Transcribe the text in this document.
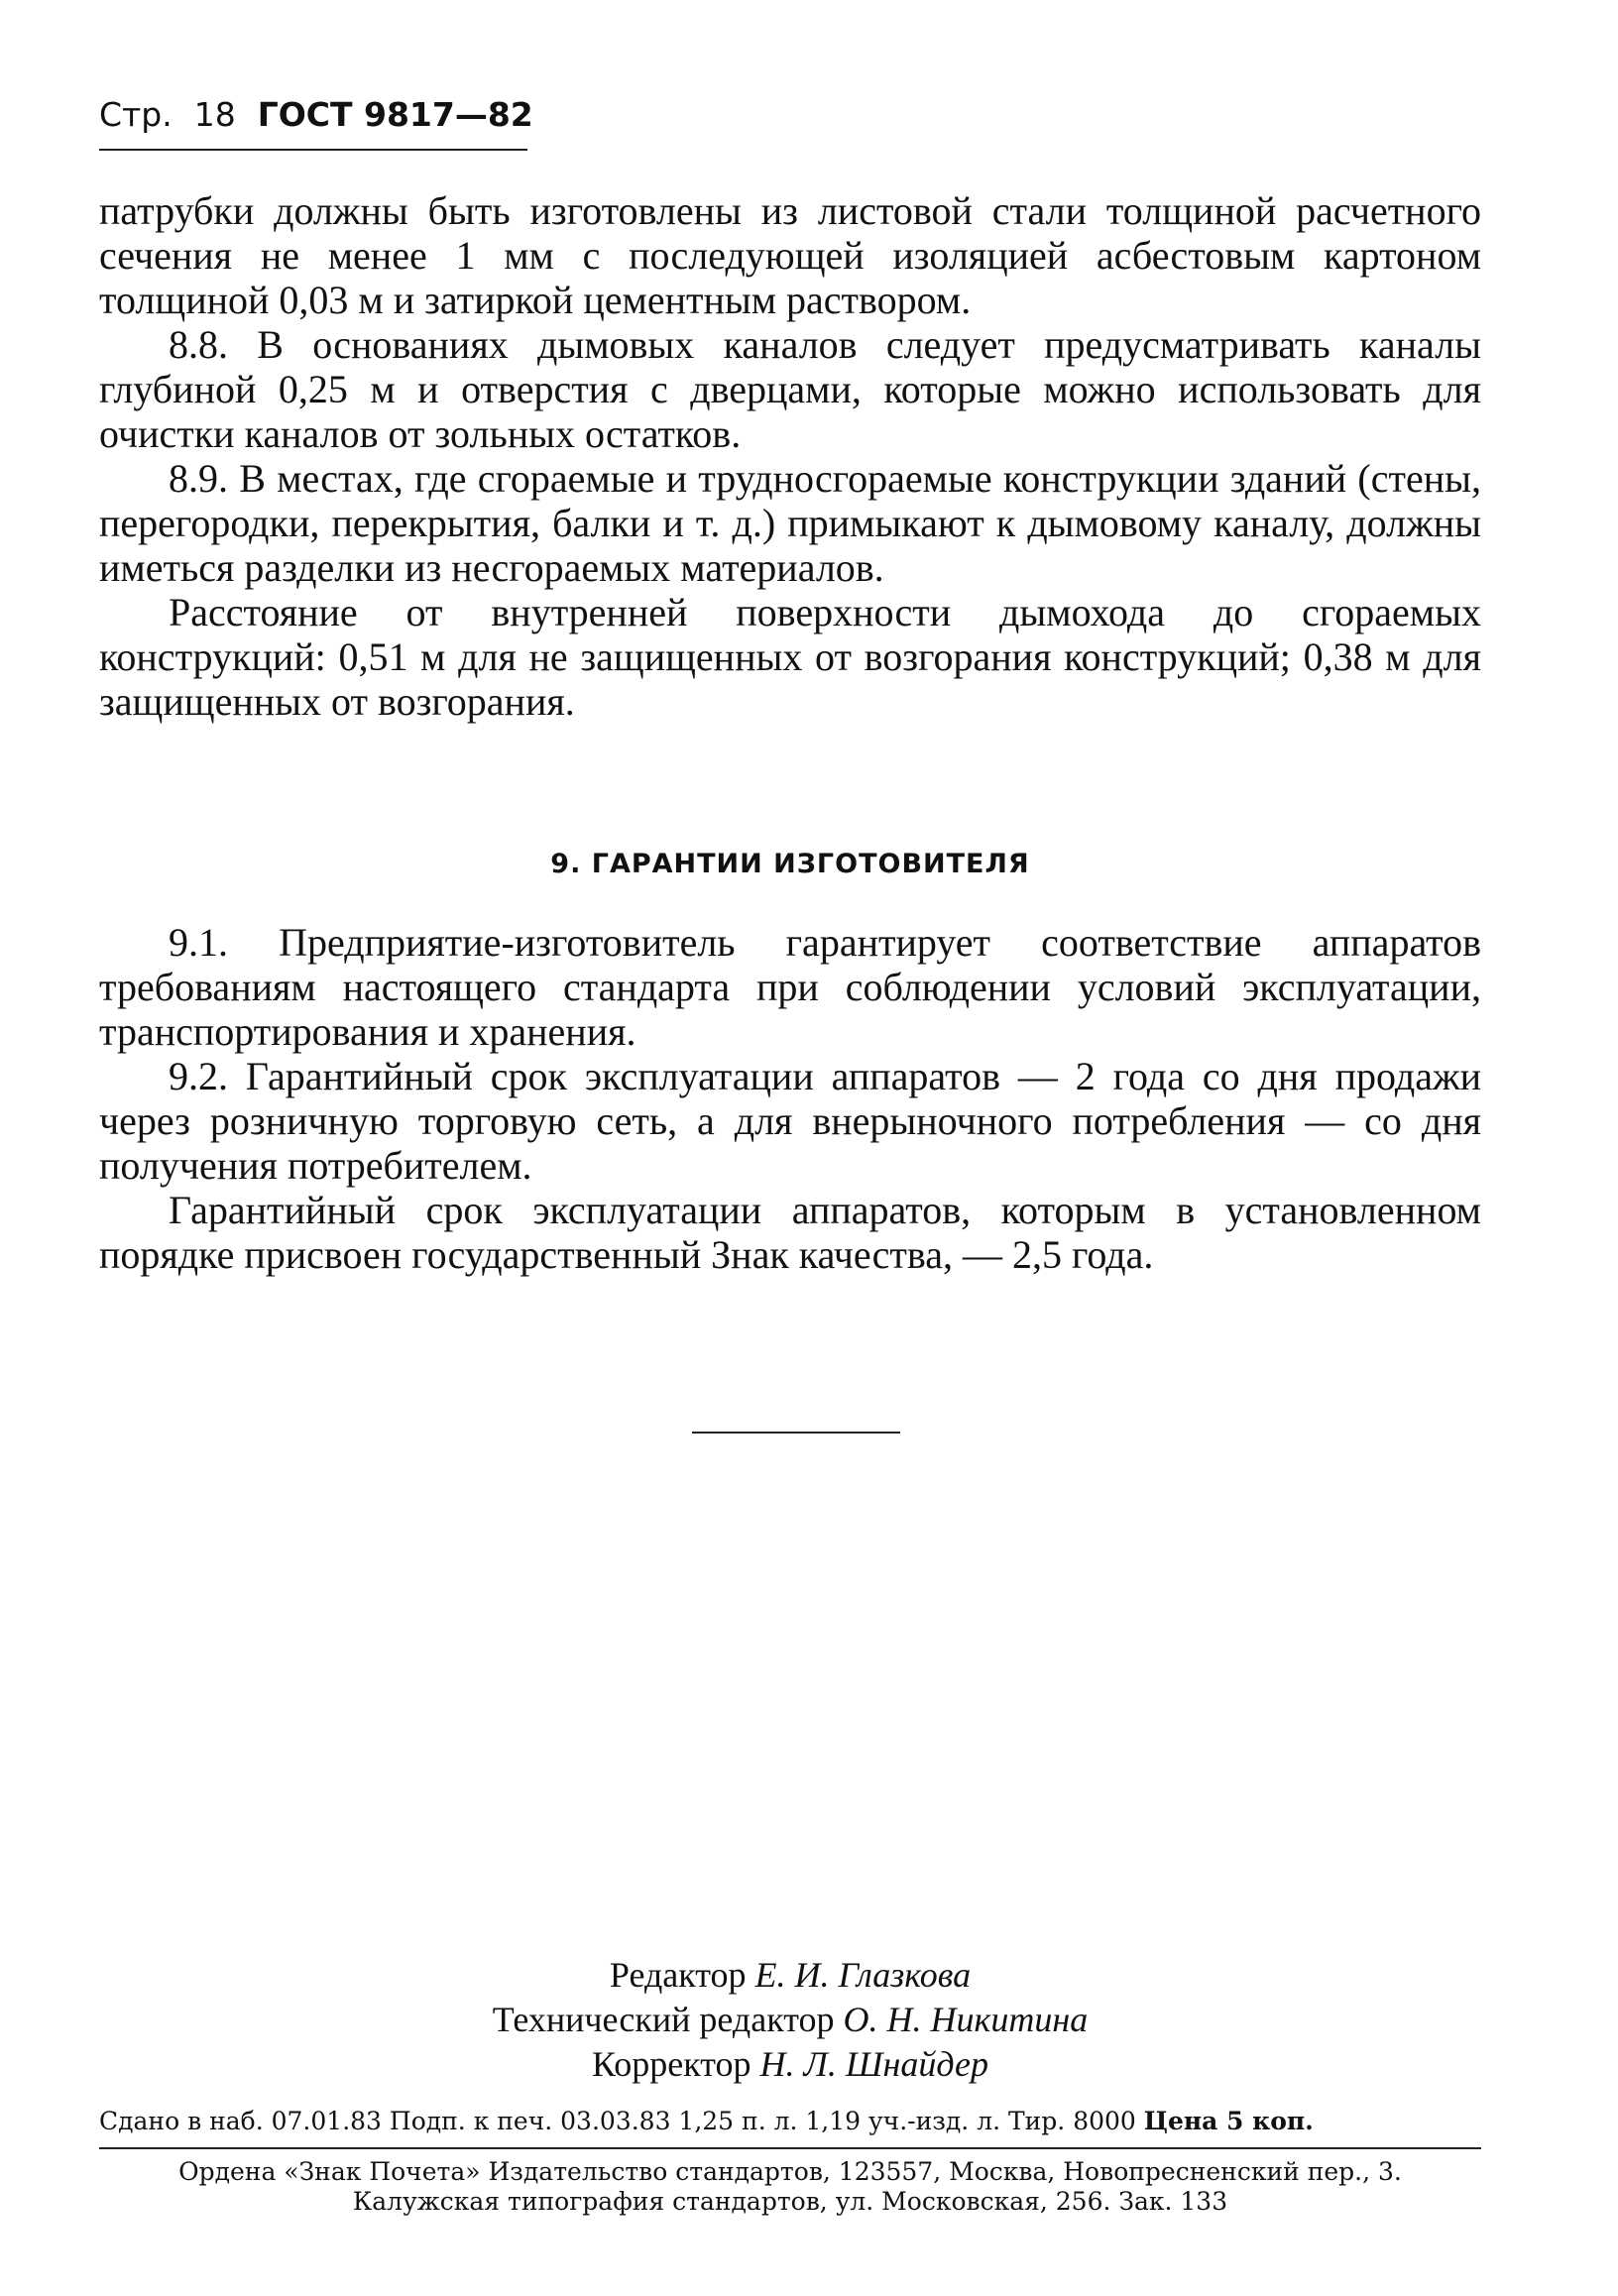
Стр. 18 ГОСТ 9817—82

патрубки должны быть изготовлены из листовой стали толщиной расчетного сечения не менее 1 мм с последующей изоляцией асбестовым картоном толщиной 0,03 м и затиркой цементным раствором.

8.8. В основаниях дымовых каналов следует предусматривать каналы глубиной 0,25 м и отверстия с дверцами, которые можно использовать для очистки каналов от зольных остатков.

8.9. В местах, где сгораемые и трудносгораемые конструкции зданий (стены, перегородки, перекрытия, балки и т. д.) примыкают к дымовому каналу, должны иметься разделки из несгораемых материалов.

Расстояние от внутренней поверхности дымохода до сгораемых конструкций: 0,51 м для не защищенных от возгорания конструкций; 0,38 м для защищенных от возгорания.

9. ГАРАНТИИ ИЗГОТОВИТЕЛЯ

9.1. Предприятие-изготовитель гарантирует соответствие аппаратов требованиям настоящего стандарта при соблюдении условий эксплуатации, транспортирования и хранения.

9.2. Гарантийный срок эксплуатации аппаратов — 2 года со дня продажи через розничную торговую сеть, а для внерыночного потребления — со дня получения потребителем.

Гарантийный срок эксплуатации аппаратов, которым в установленном порядке присвоен государственный Знак качества, — 2,5 года.

Редактор Е. И. Глазкова
Технический редактор О. Н. Никитина
Корректор Н. Л. Шнайдер
Сдано в наб. 07.01.83 Подп. к печ. 03.03.83 1,25 п. л. 1,19 уч.-изд. л. Тир. 8000 Цена 5 коп.
Ордена «Знак Почета» Издательство стандартов, 123557, Москва, Новопресненский пер., 3.
Калужская типография стандартов, ул. Московская, 256. Зак. 133
